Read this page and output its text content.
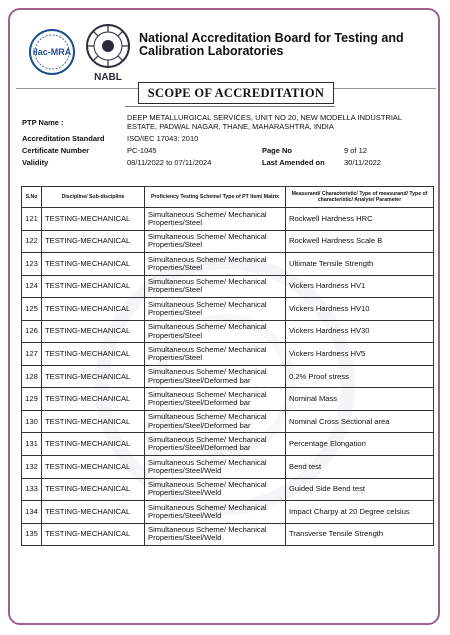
ilac-MRA
NABL
National Accreditation Board for Testing and Calibration Laboratories
SCOPE OF ACCREDITATION
PTP Name :
DEEP METALLURGICAL SERVICES, UNIT NO 20, NEW MODELLA INDUSTRIAL ESTATE, PADWAL NAGAR, THANE, MAHARASHTRA, INDIA
Accreditation Standard	ISO/IEC 17043: 2010
Certificate Number	PC-1045	Page No	9 of 12
Validity	08/11/2022 to 07/11/2024	Last Amended on	30/11/2022
S.No	Discipline/ Sub-discipline	Proficiency Testing Scheme/ Type of PT Item/ Matrix	Measurand/ Characteristic/ Type of measurand/ Type of characteristic/ Analyte/ Parameter
121	TESTING-MECHANICAL	Simultaneous Scheme/ Mechanical Properties/Steel	Rockwell Hardness HRC
122	TESTING-MECHANICAL	Simultaneous Scheme/ Mechanical Properties/Steel	Rockwell Hardness Scale B
123	TESTING-MECHANICAL	Simultaneous Scheme/ Mechanical Properties/Steel	Ultimate Tensile Strength
124	TESTING-MECHANICAL	Simultaneous Scheme/ Mechanical Properties/Steel	Vickers Hardness HV1
125	TESTING-MECHANICAL	Simultaneous Scheme/ Mechanical Properties/Steel	Vickers Hardness HV10
126	TESTING-MECHANICAL	Simultaneous Scheme/ Mechanical Properties/Steel	Vickers Hardness HV30
127	TESTING-MECHANICAL	Simultaneous Scheme/ Mechanical Properties/Steel	Vickers Hardness HV5
128	TESTING-MECHANICAL	Simultaneous Scheme/ Mechanical Properties/Steel/Deformed bar	0.2% Proof stress
129	TESTING-MECHANICAL	Simultaneous Scheme/ Mechanical Properties/Steel/Deformed bar	Nominal Mass
130	TESTING-MECHANICAL	Simultaneous Scheme/ Mechanical Properties/Steel/Deformed bar	Nominal Cross Sectional area
131	TESTING-MECHANICAL	Simultaneous Scheme/ Mechanical Properties/Steel/Deformed bar	Percentage Elongation
132	TESTING-MECHANICAL	Simultaneous Scheme/ Mechanical Properties/Steel/Weld	Bend test
133	TESTING-MECHANICAL	Simultaneous Scheme/ Mechanical Properties/Steel/Weld	Guided Side Bend test
134	TESTING-MECHANICAL	Simultaneous Scheme/ Mechanical Properties/Steel/Weld	Impact Charpy at 20 Degree celsius
135	TESTING-MECHANICAL	Simultaneous Scheme/ Mechanical Properties/Steel/Weld	Transverse Tensile Strength
